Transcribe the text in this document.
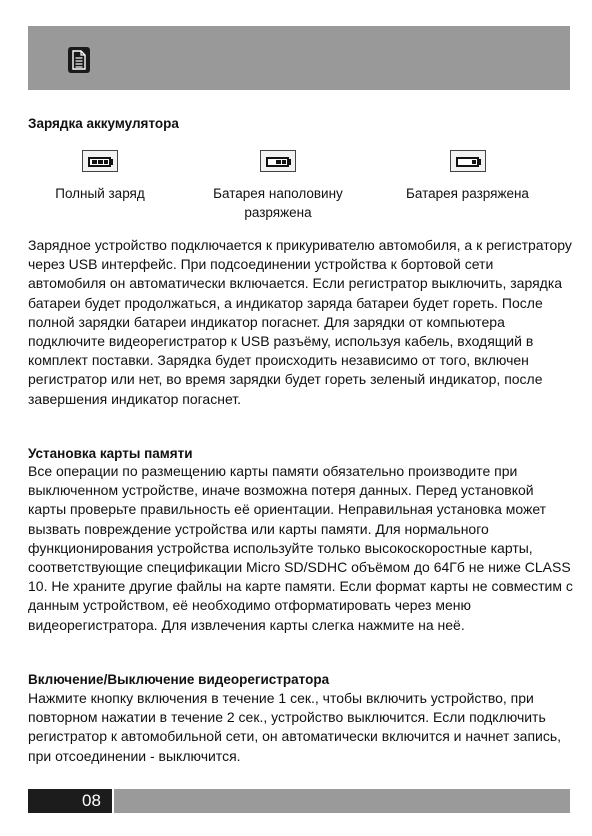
Зарядка аккумулятора
Полный заряд	Батарея наполовину
разряжена
Батарея разряжена

Зарядное устройство подключается к прикуривателю автомобиля, а к регистратору через USB интерфейс. При подсоединении устройства к бортовой сети автомобиля он автоматически включается. Если регистратор выключить, зарядка батареи будет продолжаться, а индикатор заряда батареи будет гореть. После полной зарядки батареи индикатор погаснет. Для зарядки от компьютера подключите видеорегистратор к USB разъёму, используя кабель, входящий в комплект поставки. Зарядка будет происходить независимо от того, включен регистратор или нет, во время зарядки будет гореть зеленый индикатор, после завершения индикатор погаснет.

Установка карты памяти

Все операции по размещению карты памяти обязательно производите при выключенном устройстве, иначе возможна потеря данных. Перед установкой карты проверьте правильность её ориентации. Неправильная установка может вызвать повреждение устройства или карты памяти. Для нормального функционирования устройства используйте только высокоскоростные карты, соответствующие спецификации Micro SD/SDHC объёмом до 64Гб не ниже CLASS 10. Не храните другие файлы на карте памяти. Если формат карты не совместим с данным устройством, её необходимо отформатировать через меню видеорегистратора. Для извлечения карты слегка нажмите на неё.

Включение/Выключение видеорегистратора

Нажмите кнопку включения в течение 1 сек., чтобы включить устройство, при повторном нажатии в течение 2 сек., устройство выключится. Если подключить регистратор к автомобильной сети, он автоматически включится и начнет запись, при отсоединении - выключится.

08
